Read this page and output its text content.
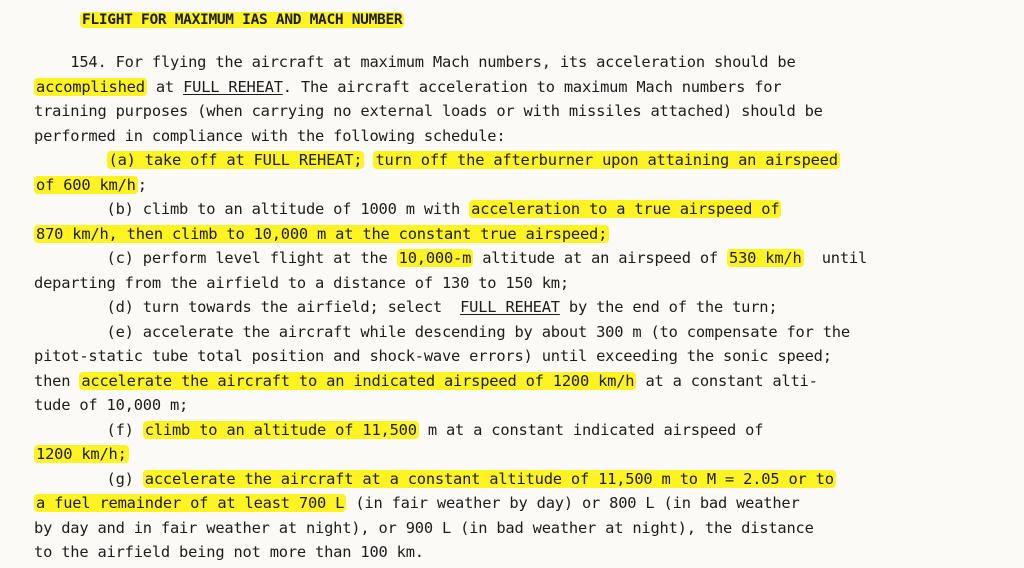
FLIGHT FOR MAXIMUM IAS AND MACH NUMBER
154. For flying the aircraft at maximum Mach numbers, its acceleration should be
accomplished at FULL REHEAT. The aircraft acceleration to maximum Mach numbers for
training purposes (when carrying no external loads or with missiles attached) should be
performed in compliance with the following schedule:
(a) take off at FULL REHEAT; turn off the afterburner upon attaining an airspeed
of 600 km/h ;
(b) climb to an altitude of 1000 m with acceleration to a true airspeed of
870 km/h, then climb to 10,000 m at the constant true airspeed;
(c) perform level flight at the 10,000-m altitude at an airspeed of 530 km/h  until
departing from the airfield to a distance of 130 to 150 km;
(d) turn towards the airfield; select  FULL REHEAT by the end of the turn;
(e) accelerate the aircraft while descending by about 300 m (to compensate for the
pitot-static tube total position and shock-wave errors) until exceeding the sonic speed;
then accelerate the aircraft to an indicated airspeed of 1200 km/h at a constant alti-
tude of 10,000 m;
(f) climb to an altitude of 11,500 m at a constant indicated airspeed of
1200 km/h;
(g) accelerate the aircraft at a constant altitude of 11,500 m to M = 2.05 or to
a fuel remainder of at least 700 L (in fair weather by day) or 800 L (in bad weather
by day and in fair weather at night), or 900 L (in bad weather at night), the distance
to the airfield being not more than 100 km.
